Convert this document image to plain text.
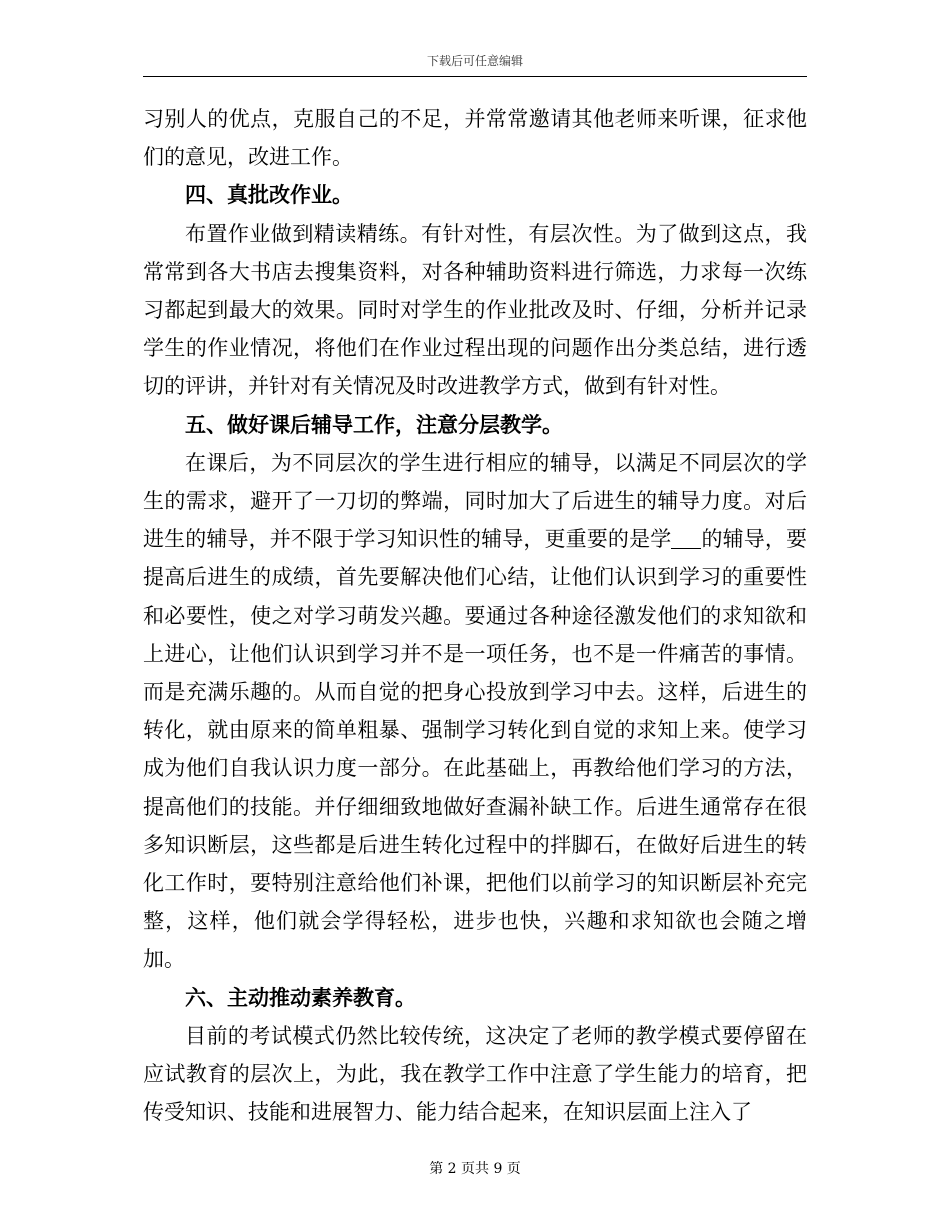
下载后可任意编辑

习别人的优点，克服自己的不足，并常常邀请其他老师来听课，征求他们的意见，改进工作。

四、真批改作业。

布置作业做到精读精练。有针对性，有层次性。为了做到这点，我常常到各大书店去搜集资料，对各种辅助资料进行筛选，力求每一次练习都起到最大的效果。同时对学生的作业批改及时、仔细，分析并记录学生的作业情况，将他们在作业过程出现的问题作出分类总结，进行透切的评讲，并针对有关情况及时改进教学方式，做到有针对性。

五、做好课后辅导工作，注意分层教学。

在课后，为不同层次的学生进行相应的辅导，以满足不同层次的学生的需求，避开了一刀切的弊端，同时加大了后进生的辅导力度。对后进生的辅导，并不限于学习知识性的辅导，更重要的是学 的辅导，要提高后进生的成绩，首先要解决他们心结，让他们认识到学习的重要性和必要性，使之对学习萌发兴趣。要通过各种途径激发他们的求知欲和上进心，让他们认识到学习并不是一项任务，也不是一件痛苦的事情。而是充满乐趣的。从而自觉的把身心投放到学习中去。这样，后进生的转化，就由原来的简单粗暴、强制学习转化到自觉的求知上来。使学习成为他们自我认识力度一部分。在此基础上，再教给他们学习的方法，提高他们的技能。并仔细细致地做好查漏补缺工作。后进生通常存在很多知识断层，这些都是后进生转化过程中的拌脚石，在做好后进生的转化工作时，要特别注意给他们补课，把他们以前学习的知识断层补充完整，这样，他们就会学得轻松，进步也快，兴趣和求知欲也会随之增加。

六、主动推动素养教育。

目前的考试模式仍然比较传统，这决定了老师的教学模式要停留在应试教育的层次上，为此，我在教学工作中注意了学生能力的培育，把传受知识、技能和进展智力、能力结合起来，在知识层面上注入了

第 2 页共 9 页
